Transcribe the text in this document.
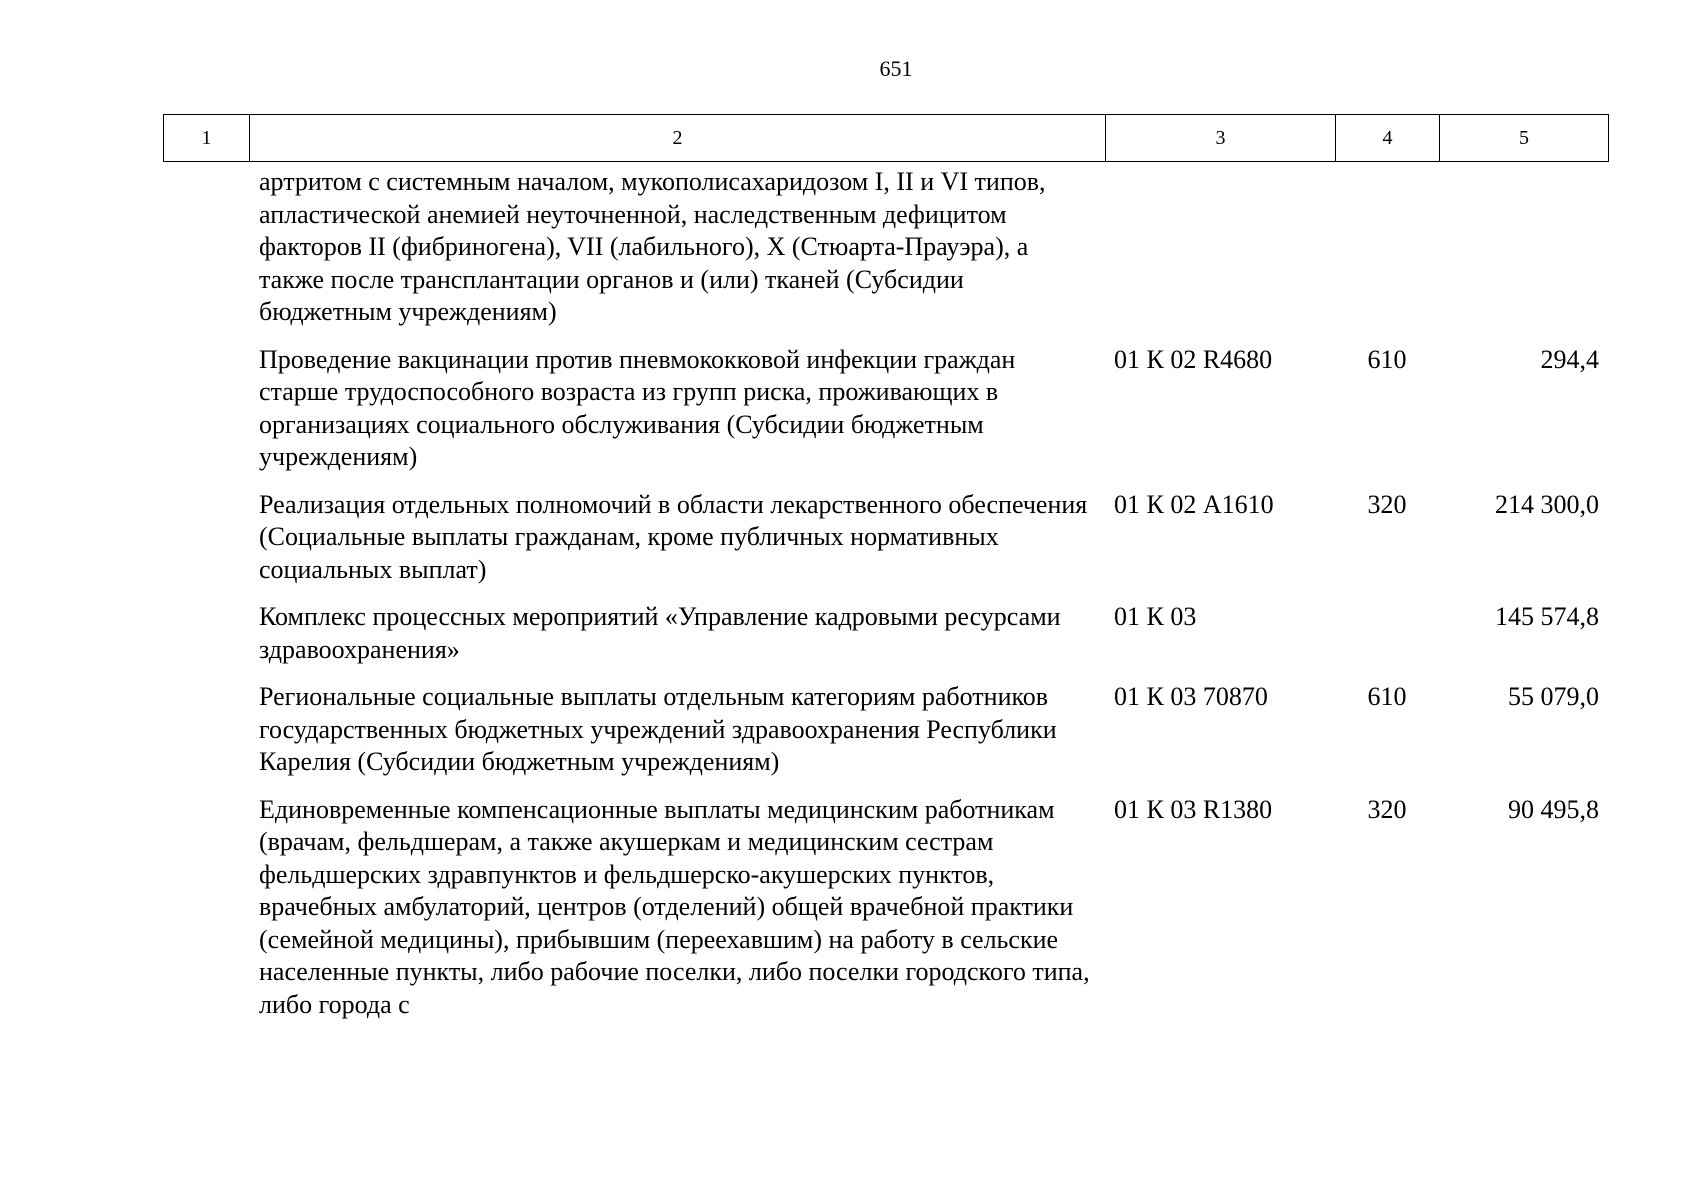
651
1	2	3	4	5
артритом с системным началом, мукополисахаридозом I, II и VI типов, апластической анемией неуточненной, наследственным дефицитом факторов II (фибриногена), VII (лабильного), X (Стюарта-Прауэра), а также после трансплантации органов и (или) тканей (Субсидии бюджетным учреждениям)			
Проведение вакцинации против пневмококковой инфекции граждан старше трудоспособного возраста из групп риска, проживающих в организациях социального обслуживания (Субсидии бюджетным учреждениям)	01 К 02 R4680	610	294,4
Реализация отдельных полномочий в области лекарственного обеспечения (Социальные выплаты гражданам, кроме публичных нормативных социальных выплат)	01 К 02 А1610	320	214 300,0
Комплекс процессных мероприятий «Управление кадровыми ресурсами здравоохранения»	01 К 03		145 574,8
Региональные социальные выплаты отдельным категориям работников государственных бюджетных учреждений здравоохранения Республики Карелия (Субсидии бюджетным учреждениям)	01 К 03 70870	610	55 079,0
Единовременные компенсационные выплаты медицинским работникам (врачам, фельдшерам, а также акушеркам и медицинским сестрам фельдшерских здравпунктов и фельдшерско-акушерских пунктов, врачебных амбулаторий, центров (отделений) общей врачебной практики (семейной медицины), прибывшим (переехавшим) на работу в сельские населенные пункты, либо рабочие поселки, либо поселки городского типа, либо города с	01 К 03 R1380	320	90 495,8
